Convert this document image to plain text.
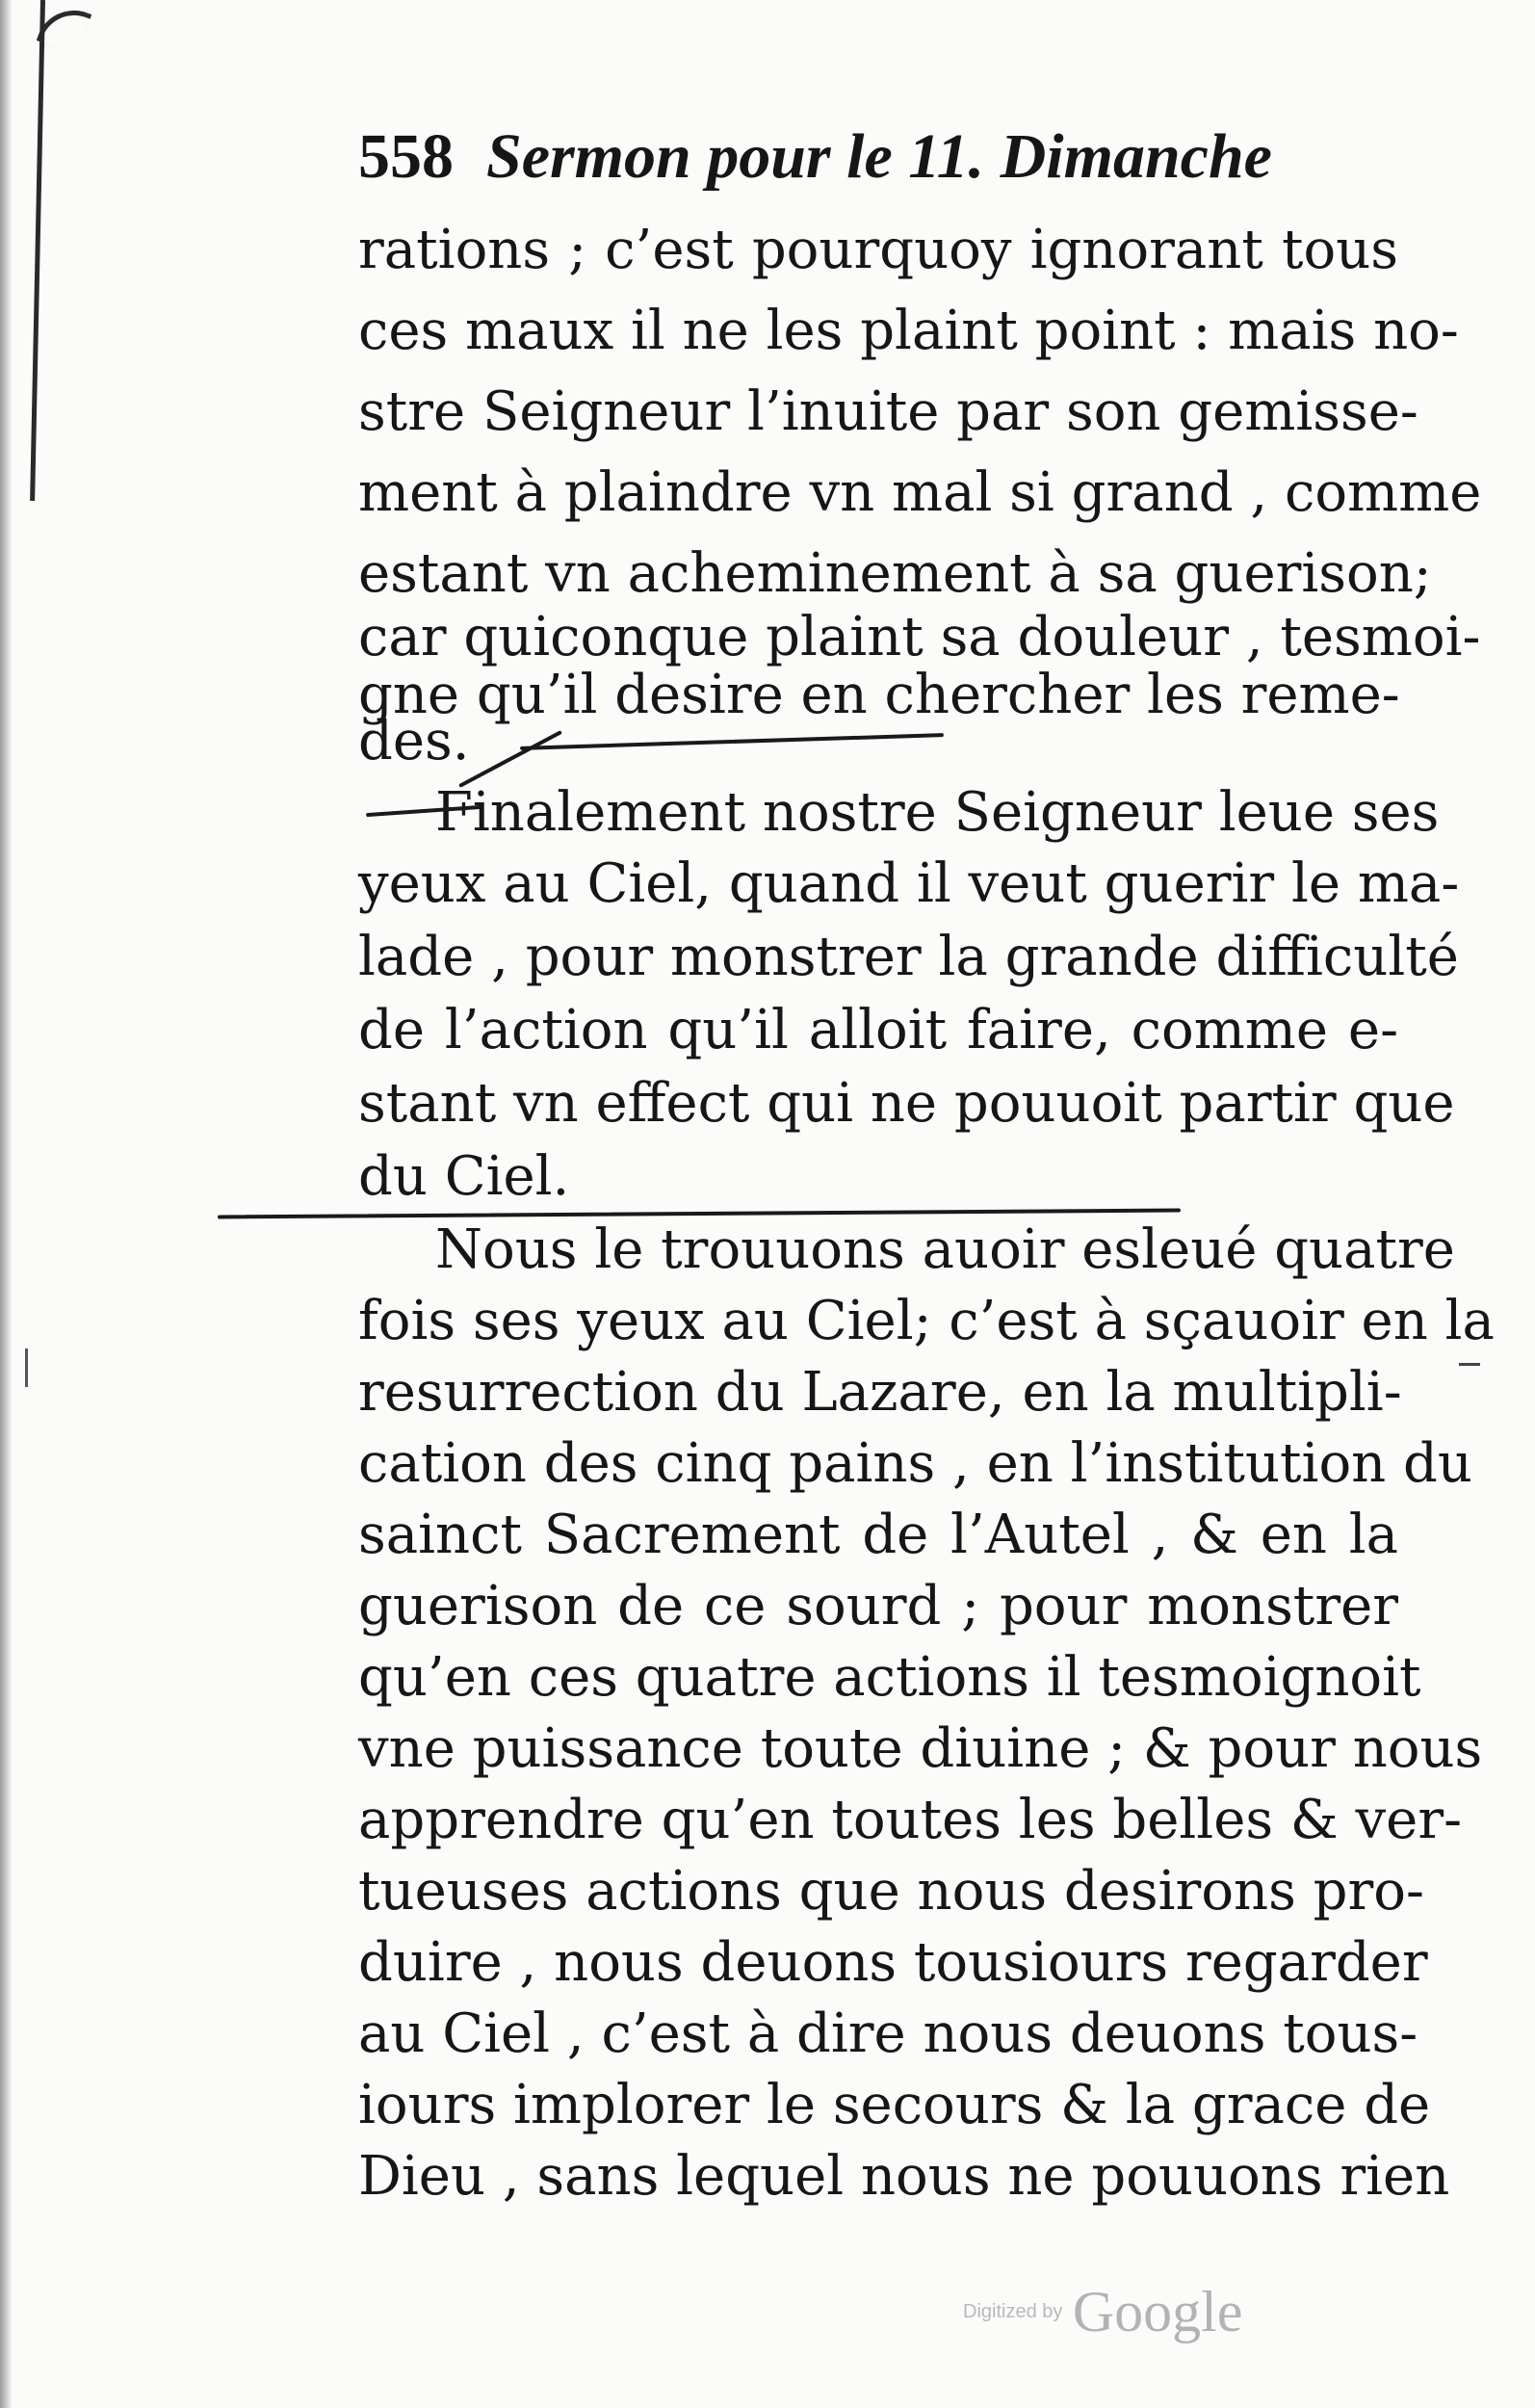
558 Sermon pour le 11. Dimanche
rations ; c’est pourquoy ignorant tous
ces maux il ne les plaint point : mais no-
stre Seigneur l’inuite par son gemisse-
ment à plaindre vn mal si grand , comme
estant vn acheminement à sa guerison;
car quiconque plaint sa douleur , tesmoi-
gne qu’il desire en chercher les reme-
des.
Finalement nostre Seigneur leue ses
yeux au Ciel, quand il veut guerir le ma-
lade , pour monstrer la grande difficulté
de l’action qu’il alloit faire, comme e-
stant vn effect qui ne pouuoit partir que
du Ciel.
Nous le trouuons auoir esleué quatre
fois ses yeux au Ciel; c’est à sçauoir en la
resurrection du Lazare, en la multipli-
cation des cinq pains , en l’institution du
sainct Sacrement de l’Autel , & en la
guerison de ce sourd ; pour monstrer
qu’en ces quatre actions il tesmoignoit
vne puissance toute diuine ; & pour nous
apprendre qu’en toutes les belles & ver-
tueuses actions que nous desirons pro-
duire , nous deuons tousiours regarder
au Ciel , c’est à dire nous deuons tous-
iours implorer le secours & la grace de
Dieu , sans lequel nous ne pouuons rien
Digitized by Google
